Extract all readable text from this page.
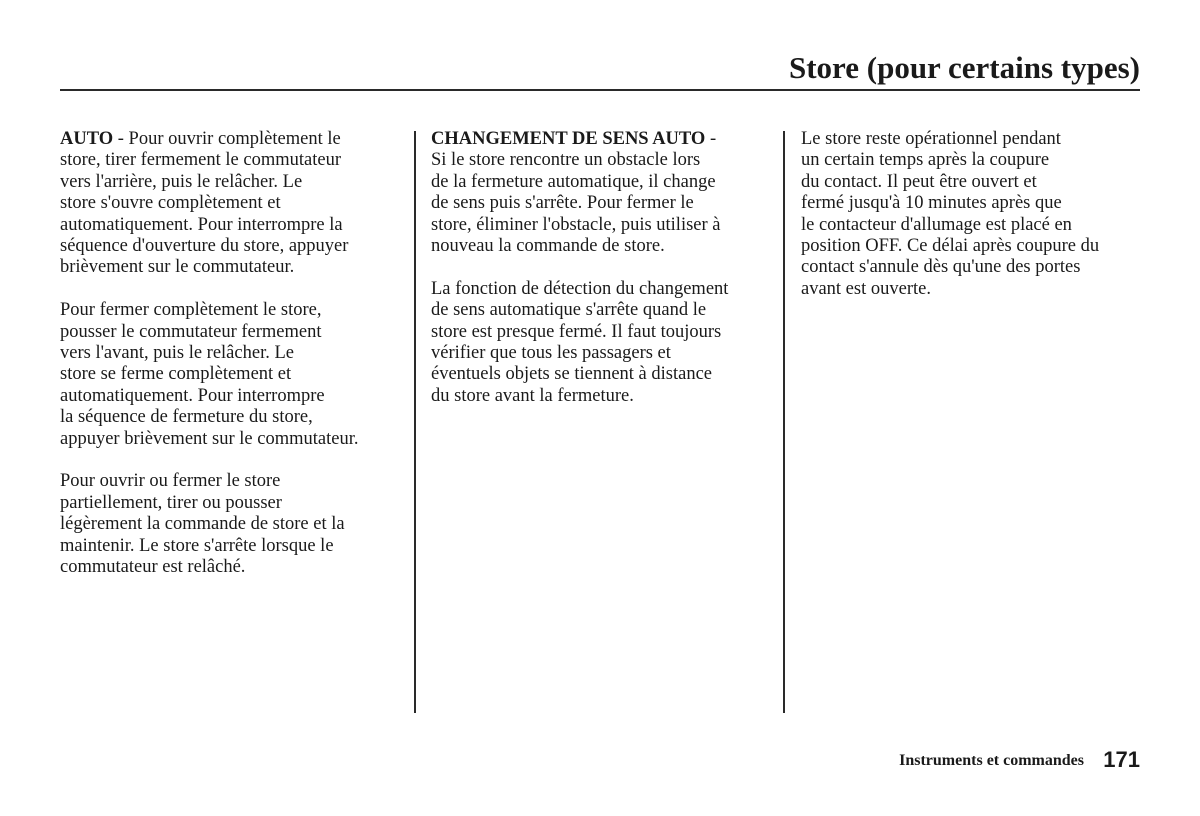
Store (pour certains types)

AUTO - Pour ouvrir complètement le
store, tirer fermement le commutateur
vers l'arrière, puis le relâcher. Le
store s'ouvre complètement et
automatiquement. Pour interrompre la
séquence d'ouverture du store, appuyer
brièvement sur le commutateur.

Pour fermer complètement le store,
pousser le commutateur fermement
vers l'avant, puis le relâcher. Le
store se ferme complètement et
automatiquement. Pour interrompre
la séquence de fermeture du store,
appuyer brièvement sur le commutateur.

Pour ouvrir ou fermer le store
partiellement, tirer ou pousser
légèrement la commande de store et la
maintenir. Le store s'arrête lorsque le
commutateur est relâché.

CHANGEMENT DE SENS AUTO -
Si le store rencontre un obstacle lors
de la fermeture automatique, il change
de sens puis s'arrête. Pour fermer le
store, éliminer l'obstacle, puis utiliser à
nouveau la commande de store.

La fonction de détection du changement
de sens automatique s'arrête quand le
store est presque fermé. Il faut toujours
vérifier que tous les passagers et
éventuels objets se tiennent à distance
du store avant la fermeture.

Le store reste opérationnel pendant
un certain temps après la coupure
du contact. Il peut être ouvert et
fermé jusqu'à 10 minutes après que
le contacteur d'allumage est placé en
position OFF. Ce délai après coupure du
contact s'annule dès qu'une des portes
avant est ouverte.

Instruments et commandes 171
